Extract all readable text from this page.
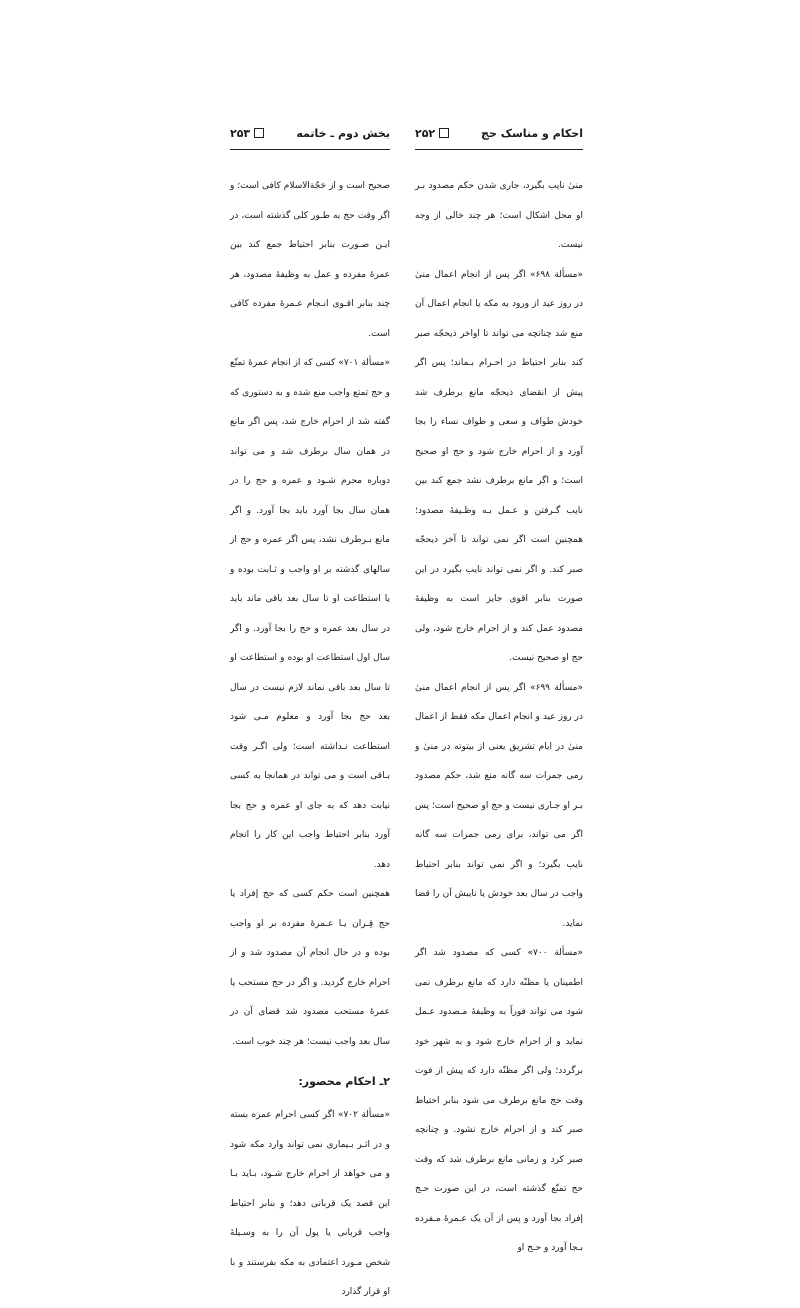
۲۵۲	احکام و مناسک حج

منیٰ نایب بگیرد، جاری شدن حکم مصدود بـر او محل اشکال است؛ هر چند خالی از وجه نیست.

«مسألة ۶۹۸» اگر پس از انجام اعمال منیٰ در روز عید از ورود به مکه یا انجام اعمال آن منع شد چنانچه می تواند تا اواخر ذیحجّه صبر کند بنابر احتیاط در احـرام بـماند؛ پس اگر پیش از انقضای ذیحجّه مانع برطرف شد خودش طواف و سعی و طواف نساء را بجا آورد و از احرام خارج شود و حج او صحیح است؛ و اگر مانع برطرف نشد جمع کند بین نایب گـرفتن و عـمل بـه وظـیفهٔ مصدود؛ همچنین است اگر نمی تواند تا آخر ذیحجّه صبر کند. و اگر نمی تواند نایب بگیرد در این صورت بنابر اقوی جایز است به وظیفهٔ مصدود عمل کند و از احرام خارج شود، ولی حج او صحیح نیست.

«مسألة ۶۹۹» اگر پس از انجام اعمال منیٰ در روز عید و انجام اعمال مکه فقط از اعمال منیٰ در ایام تشریق یعنی از بیتوته در منیٰ و رمی جمرات سه گانه منع شد، حکم مصدود بـر او جـاری نیست و حج او صحیح است؛ پس اگر می تواند، برای رمی جمرات سه گانه نایب بگیرد؛ و اگر نمی تواند بنابر احتیاط واجب در سال بعد خودش یا نایبش آن را قضا نماید.

«مسألة ۷۰۰» کسی که مصدود شد اگر اطمینان یا مظنّه دارد که مانع برطرف نمی شود می تواند فوراً به وظیفهٔ مـصدود عـمل نماید و از احرام خارج شود و به شهر خود برگردد؛ ولی اگر مظنّه دارد که پیش از فوت وقت حج مانع برطرف می شود بنابر احتیاط صبر کند و از احرام خارج نشود. و چنانچه صبر کرد و زمانی مانع برطرف شد که وقت حج تمتّع گذشته است، در این صورت حـج إفراد بجا آورد و پس از آن یک عـمرهٔ مـفرده بـجا آورد و حـج او

۲۵۳	بخش دوم ـ خاتمه

صحیح است و از حَجّةالاسلام کافی است؛ و اگر وقت حج به طـور کلی گذشته است، در ایـن صـورت بنابر احتیاط جمع کند بین عمرهٔ مفرده و عمل به وظیفهٔ مصدود، هر چند بنابر اقـوی انـجام عـمرهٔ مفرده کافی است.

«مسألة ۷۰۱» کسی که از انجام عمرهٔ تمتّع و حج تمتع واجب منع شده و به دستوری که گفته شد از احرام خارج شد، پس اگر مانع در همان سال برطرف شد و می تواند دوباره محرم شـود و عمره و حج را در همان سال بجا آورد باید بجا آورد. و اگر مانع بـرطرف نشد، پس اگر عمره و حج از سالهای گذشته بر او واجب و ثـابت بوده و یا استطاعت او تا سال بعد باقی ماند باید در سال بعد عمره و حج را بجا آورد. و اگر سال اول استطاعت او بوده و استطاعت او تا سال بعد باقی نماند لازم نیست در سال بعد حج بجا آورد و معلوم مـی شود استطاعت نـداشته است؛ ولی اگـر وقت بـاقی است و می تواند در همانجا به کسی نیابت دهد که به جای او عمره و حج بجا آورد بنابر احتیاط واجب این کار را انجام دهد.

همچنین است حکم کسی که حج إفراد یا حج قِـران یـا عـمرهٔ مفرده بر او واجب بوده و در حال انجام آن مصدود شد و از احرام خارج گردید. و اگر در حج مستحب یا عمرهٔ مستحب مصدود شد قضای آن در سال بعد واجب نیست؛ هر چند خوب است.

۲ـ احکام محصور:

«مسألة ۷۰۲» اگر کسی احرام عمره بسته و در اثـر بـیماری نمی تواند وارد مکه شود و می خواهد از احرام خارج شـود، بـاید بـا این قصد یک قربانی دهد؛ و بنابر احتیاط واجب قربانی یا پول آن را به وسـیلهٔ شخص مـورد اعتمادی به مکه بفرستند و با او قرار گذارد
